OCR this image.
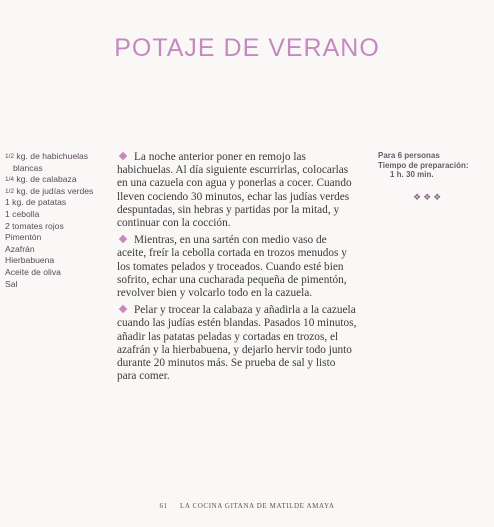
POTAJE DE VERANO
1/2 kg. de habichuelas
blancas
1/4 kg. de calabaza
1/2 kg. de judías verdes
1 kg. de patatas
1 cebolla
2 tomates rojos
Pimentón
Azafrán
Hierbabuena
Aceite de oliva
Sal

La noche anterior poner en remojo las habichuelas. Al día siguiente escurrirlas, colocarlas en una cazuela con agua y ponerlas a cocer. Cuando lleven cociendo 30 minutos, echar las judías verdes despuntadas, sin hebras y partidas por la mitad, y continuar con la cocción.

Mientras, en una sartén con medio vaso de aceite, freír la cebolla cortada en trozos menudos y los tomates pelados y troceados. Cuando esté bien sofrito, echar una cucharada pequeña de pimentón, revolver bien y volcarlo todo en la cazuela.

Pelar y trocear la calabaza y añadirla a la cazuela cuando las judías estén blandas. Pasados 10 minutos, añadir las patatas peladas y cortadas en trozos, el azafrán y la hierbabuena, y dejarlo hervir todo junto durante 20 minutos más. Se prueba de sal y listo para comer.

Para 6 personas
Tiempo de preparación:
1 h. 30 min.
❖❖❖
61 LA COCINA GITANA DE MATILDE AMAYA
